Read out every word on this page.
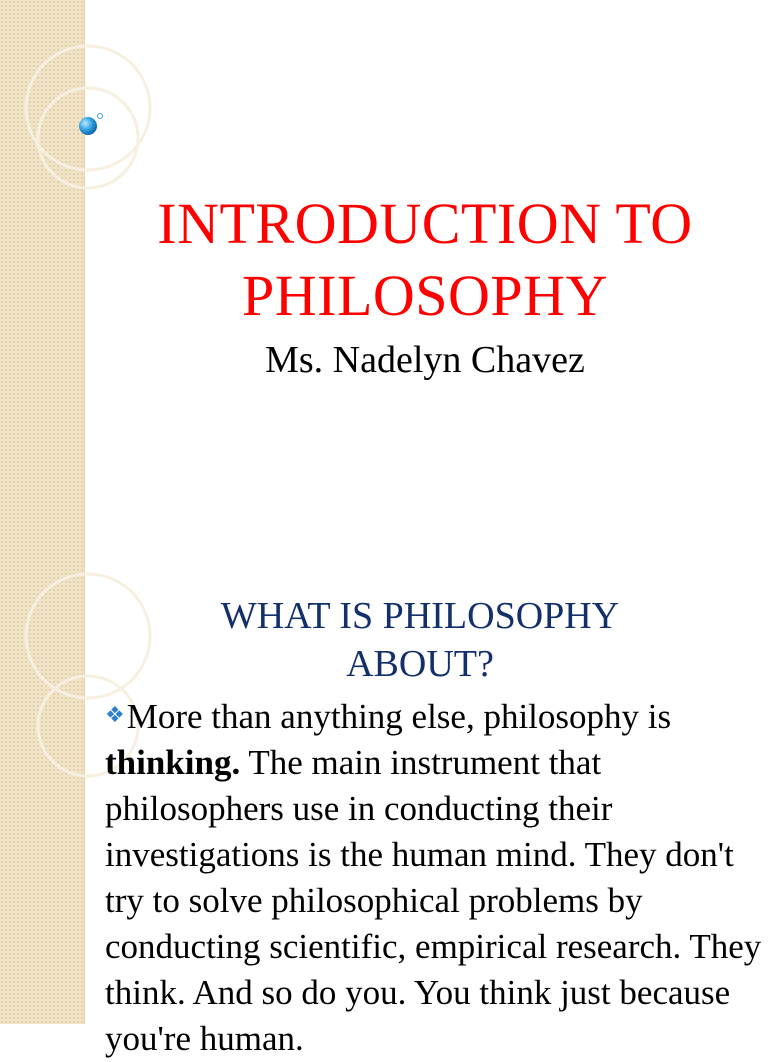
INTRODUCTION TO
PHILOSOPHY
Ms. Nadelyn Chavez
WHAT IS PHILOSOPHY
ABOUT?
❖More than anything else, philosophy is thinking. The main instrument that philosophers use in conducting their investigations is the human mind. They don't try to solve philosophical problems by conducting scientific, empirical research. They think. And so do you. You think just because you're human.
